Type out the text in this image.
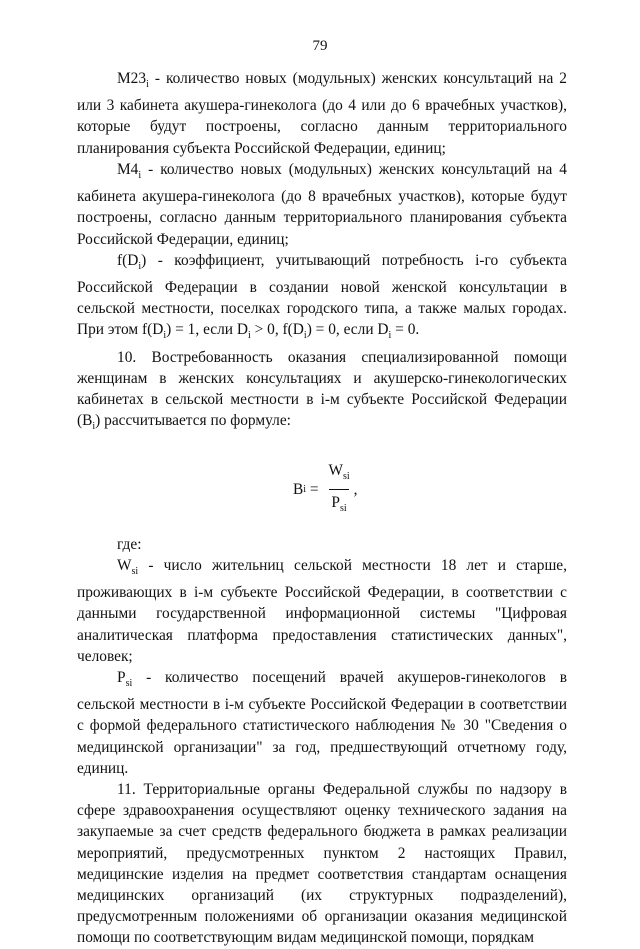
79

$M23_i$ - количество новых (модульных) женских консультаций на 2 или 3 кабинета акушера-гинеколога (до 4 или до 6 врачебных участков), которые будут построены, согласно данным территориального планирования субъекта Российской Федерации, единиц;

$M4_i$ - количество новых (модульных) женских консультаций на 4 кабинета акушера-гинеколога (до 8 врачебных участков), которые будут построены, согласно данным территориального планирования субъекта Российской Федерации, единиц;

$f(D_i)$ - коэффициент, учитывающий потребность i-го субъекта Российской Федерации в создании новой женской консультации в сельской местности, поселках городского типа, а также малых городах. При этом $f(D_i) = 1$, если $D_i > 0$, $f(D_i) = 0$, если $D_i = 0$.

10. Востребованность оказания специализированной помощи женщинам в женских консультациях и акушерско-гинекологических кабинетах в сельской местности в i-м субъекте Российской Федерации $(B_i)$ рассчитывается по формуле:

B $i = \frac{W_{si}}{P_{si}}$ ,

где:

$W_{si}$ - число жительниц сельской местности 18 лет и старше, проживающих в i-м субъекте Российской Федерации, в соответствии с данными государственной информационной системы "Цифровая аналитическая платформа предоставления статистических данных", человек;

$P_{si}$ - количество посещений врачей акушеров-гинекологов в сельской местности в i-м субъекте Российской Федерации в соответствии с формой федерального статистического наблюдения № 30 "Сведения о медицинской организации" за год, предшествующий отчетному году, единиц.

11. Территориальные органы Федеральной службы по надзору в сфере здравоохранения осуществляют оценку технического задания на закупаемые за счет средств федерального бюджета в рамках реализации мероприятий, предусмотренных пунктом 2 настоящих Правил, медицинские изделия на предмет соответствия стандартам оснащения медицинских организаций (их структурных подразделений), предусмотренным положениями об организации оказания медицинской помощи по соответствующим видам медицинской помощи, порядкам
